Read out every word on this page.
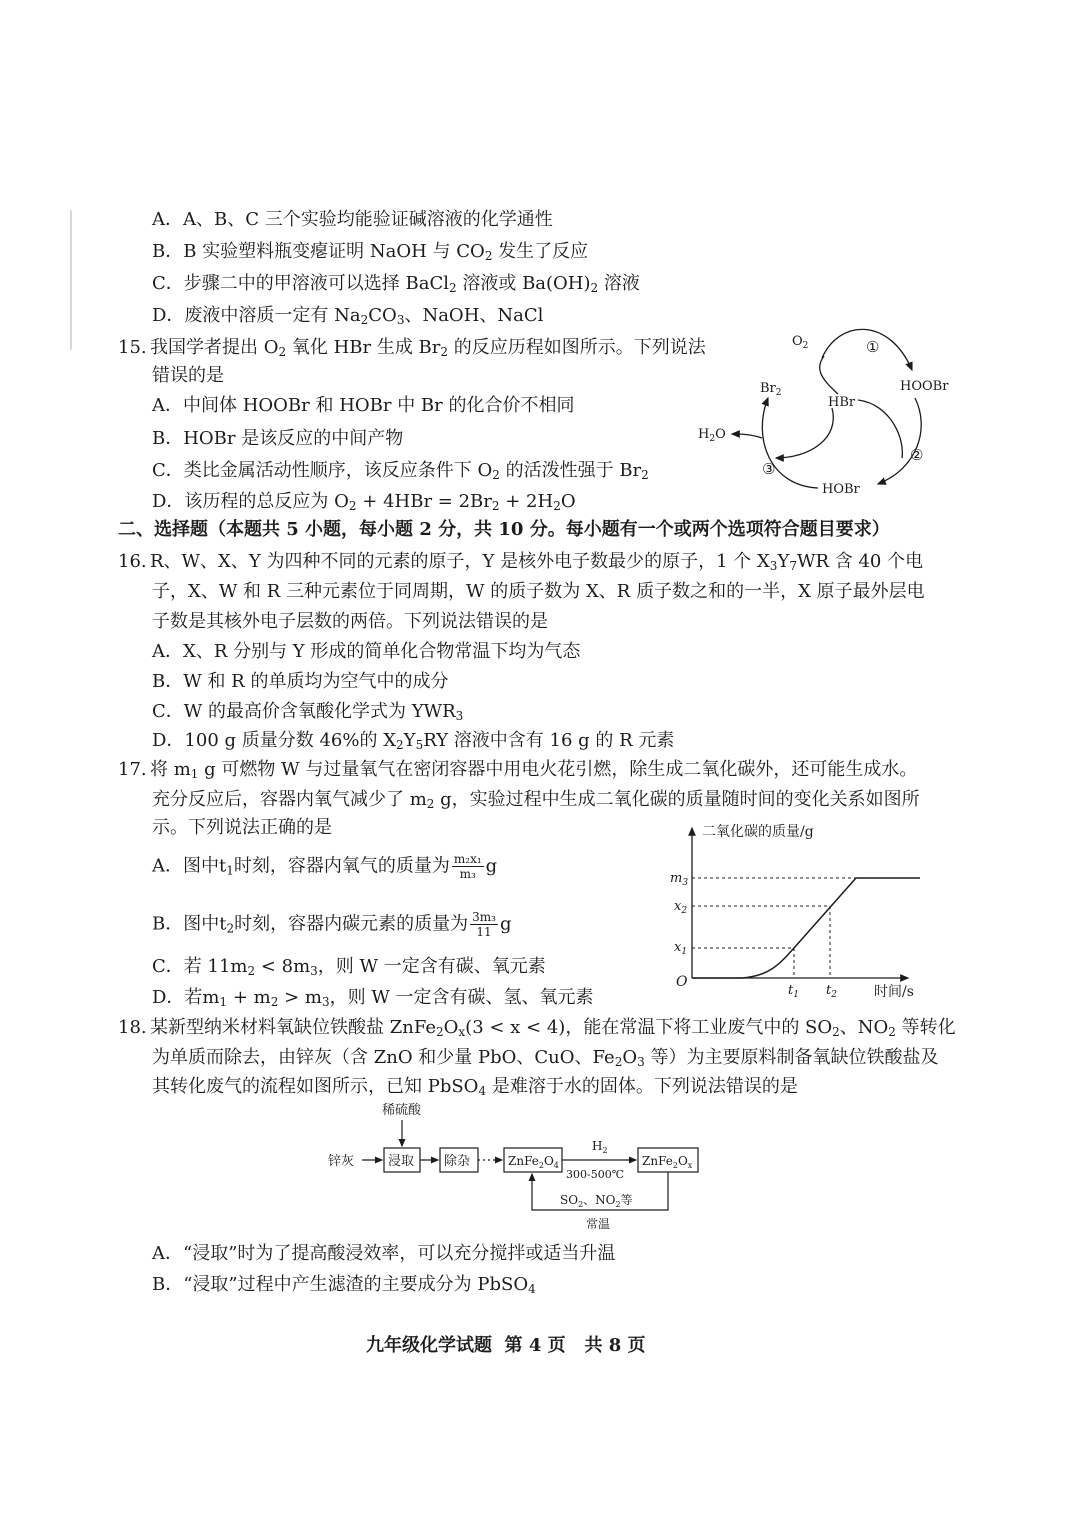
A．A、B、C 三个实验均能验证碱溶液的化学通性
B．B 实验塑料瓶变瘪证明 NaOH 与 $CO_2$ 发生了反应
C．步骤二中的甲溶液可以选择 BaCl$_2$ 溶液或 $Ba(OH)_2$ 溶液
D．废液中溶质一定有 $Na_2CO_3$、NaOH、NaCl
15. 我国学者提出 $O_2$ 氧化 HBr 生成 $Br_2$ 的反应历程如图所示。下列说法
错误的是
A．中间体 HOOBr 和 HOBr 中 Br 的化合价不相同
B．HOBr 是该反应的中间产物
C．类比金属活动性顺序，该反应条件下 $O_2$ 的活泼性强于 $Br_2$
D．该历程的总反应为 $O_2 + 4HBr = 2Br_2 + 2H_2O$
$O_2$	①
HOOBr
HBr
$Br_2$
$H_2O$
②
③
HOBr
二、选择题（本题共 5 小题，每小题 2 分，共 10 分。每小题有一个或两个选项符合题目要求）
16. R、W、X、Y 为四种不同的元素的原子，Y 是核外电子数最少的原子，1 个 $X_3Y_7WR$ 含 40 个电
子，X、W 和 R 三种元素位于同周期，W 的质子数为 X、R 质子数之和的一半，X 原子最外层电
子数是其核外电子层数的两倍。下列说法错误的是
A．X、R 分别与 Y 形成的简单化合物常温下均为气态
B．W 和 R 的单质均为空气中的成分
C．W 的最高价含氧酸化学式为 $YWR_3$
D．100 g 质量分数 46%的 $X_2Y_5RY$ 溶液中含有 16 g 的 R 元素
17. 将 $m_1$ g 可燃物 W 与过量氧气在密闭容器中用电火花引燃，除生成二氧化碳外，还可能生成水。
充分反应后，容器内氧气减少了 $m_2$ g，实验过程中生成二氧化碳的质量随时间的变化关系如图所
示。下列说法正确的是
A．图中$t_1$时刻，容器内氧气的质量为 $\frac{\text{m₂x₁}}{\text{m₃}}$ g
B．图中$t_2$时刻，容器内碳元素的质量为 $\frac{\text{3m₃}}{11}$ g
C．若 $11m_2 < 8m_3$，则 W 一定含有碳、氧元素
D．若$m_1 + m_2 > m_3$，则 W 一定含有碳、氢、氧元素
二氧化碳的质量/g
时间/s
O
$m_3$
$x_2$
$x_1$
$t_1$ $t_2$
18. 某新型纳米材料氧缺位铁酸盐 $ZnFe_2O_x(3 < x < 4)$，能在常温下将工业废气中的 $SO_2$、$NO_2$ 等转化
为单质而除去，由锌灰（含 ZnO 和少量 PbO、CuO、$Fe_2O_3$ 等）为主要原料制备氧缺位铁酸盐及
其转化废气的流程如图所示，已知 PbSO$_4$ 是难溶于水的固体。下列说法错误的是
稀硫酸
锌灰	浸取 除杂	$ZnFe_2O_4$
$H_2$
300-500℃
$ZnFe_2O_x$
$SO_2$、$NO_2$等
常温
A．“浸取”时为了提高酸浸效率，可以充分搅拌或适当升温
B．“浸取”过程中产生滤渣的主要成分为 PbSO$_4$
九年级化学试题 第 4 页 共 8 页
